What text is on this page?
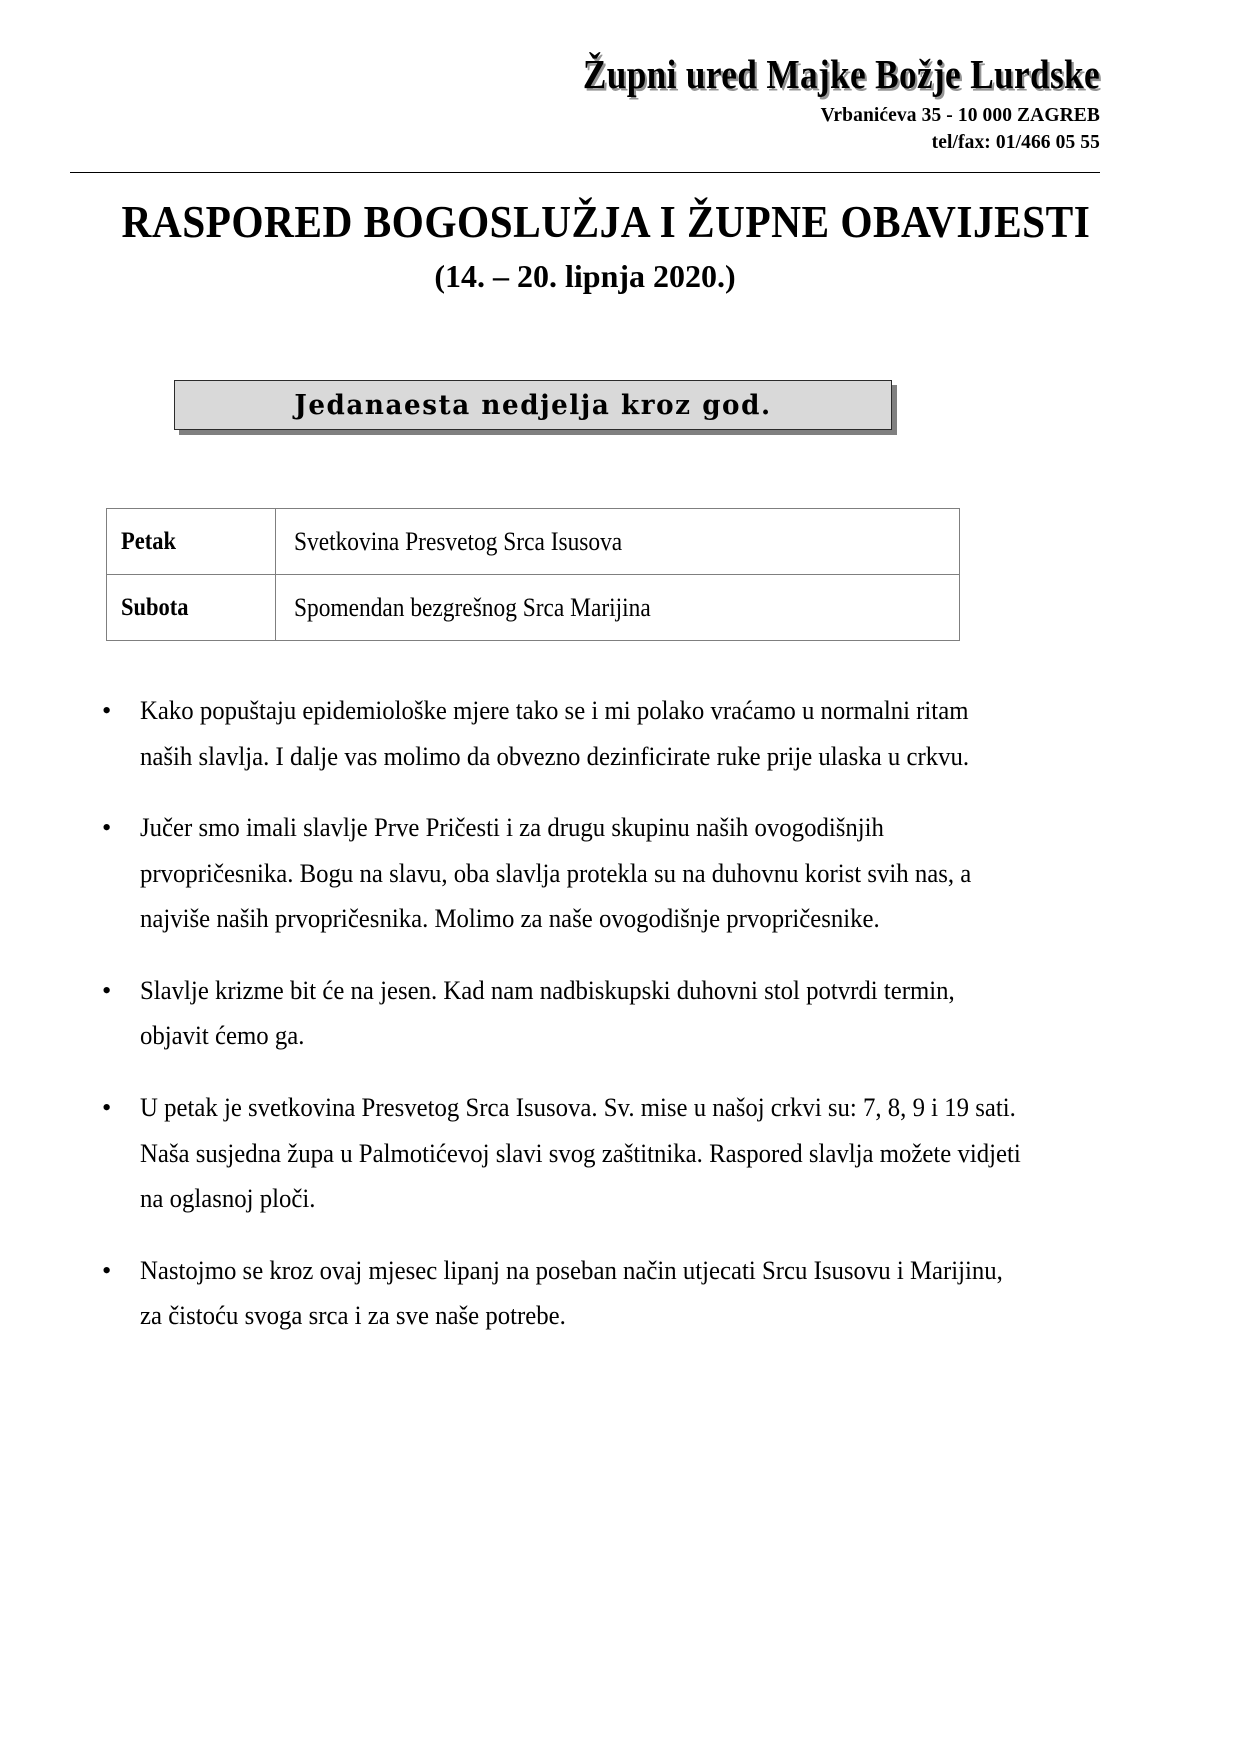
Župni ured Majke Božje Lurdske
Vrbanićeva 35 - 10 000 ZAGREB
tel/fax: 01/466 05 55
RASPORED BOGOSLUŽJA I ŽUPNE OBAVIJESTI
(14. – 20. lipnja 2020.)
Jedanaesta nedjelja kroz god.
Petak	Svetkovina Presvetog Srca Isusova
Subota	Spomendan bezgrešnog Srca Marijina
• Kako popuštaju epidemiološke mjere tako se i mi polako vraćamo u normalni ritam naših slavlja. I dalje vas molimo da obvezno dezinficirate ruke prije ulaska u crkvu.
• Jučer smo imali slavlje Prve Pričesti i za drugu skupinu naših ovogodišnjih prvopričesnika. Bogu na slavu, oba slavlja protekla su na duhovnu korist svih nas, a najviše naših prvopričesnika. Molimo za naše ovogodišnje prvopričesnike.
• Slavlje krizme bit će na jesen. Kad nam nadbiskupski duhovni stol potvrdi termin, objavit ćemo ga.
• U petak je svetkovina Presvetog Srca Isusova. Sv. mise u našoj crkvi su: 7, 8, 9 i 19 sati. Naša susjedna župa u Palmotićevoj slavi svog zaštitnika. Raspored slavlja možete vidjeti na oglasnoj ploči.
• Nastojmo se kroz ovaj mjesec lipanj na poseban način utjecati Srcu Isusovu i Marijinu, za čistoću svoga srca i za sve naše potrebe.
